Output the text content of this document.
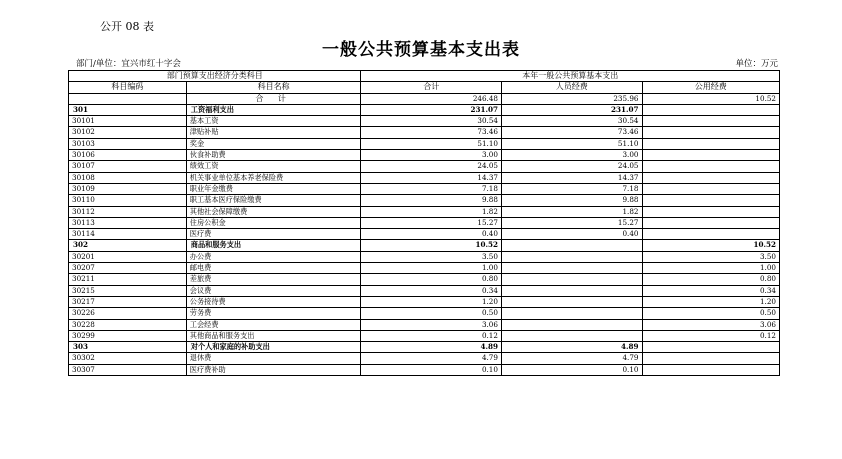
公开 08 表
一般公共预算基本支出表
部门/单位：宜兴市红十字会	单位：万元
部门预算支出经济分类科目		本年一般公共预算基本支出		
科目编码	科目名称	合计	人员经费	公用经费
	合 计	246.48	235.96	10.52
301	工资福利支出	231.07	231.07	
30101	基本工资	30.54	30.54	
30102	津贴补贴	73.46	73.46	
30103	奖金	51.10	51.10	
30106	伙食补助费	3.00	3.00	
30107	绩效工资	24.05	24.05	
30108	机关事业单位基本养老保险费	14.37	14.37	
30109	职业年金缴费	7.18	7.18	
30110	职工基本医疗保险缴费	9.88	9.88	
30112	其他社会保障缴费	1.82	1.82	
30113	住房公积金	15.27	15.27	
30114	医疗费	0.40	0.40	
302	商品和服务支出	10.52		10.52
30201	办公费	3.50		3.50
30207	邮电费	1.00		1.00
30211	差旅费	0.80		0.80
30215	会议费	0.34		0.34
30217	公务接待费	1.20		1.20
30226	劳务费	0.50		0.50
30228	工会经费	3.06		3.06
30299	其他商品和服务支出	0.12		0.12
303	对个人和家庭的补助支出	4.89	4.89	
30302	退休费	4.79	4.79	
30307	医疗费补助	0.10	0.10	
